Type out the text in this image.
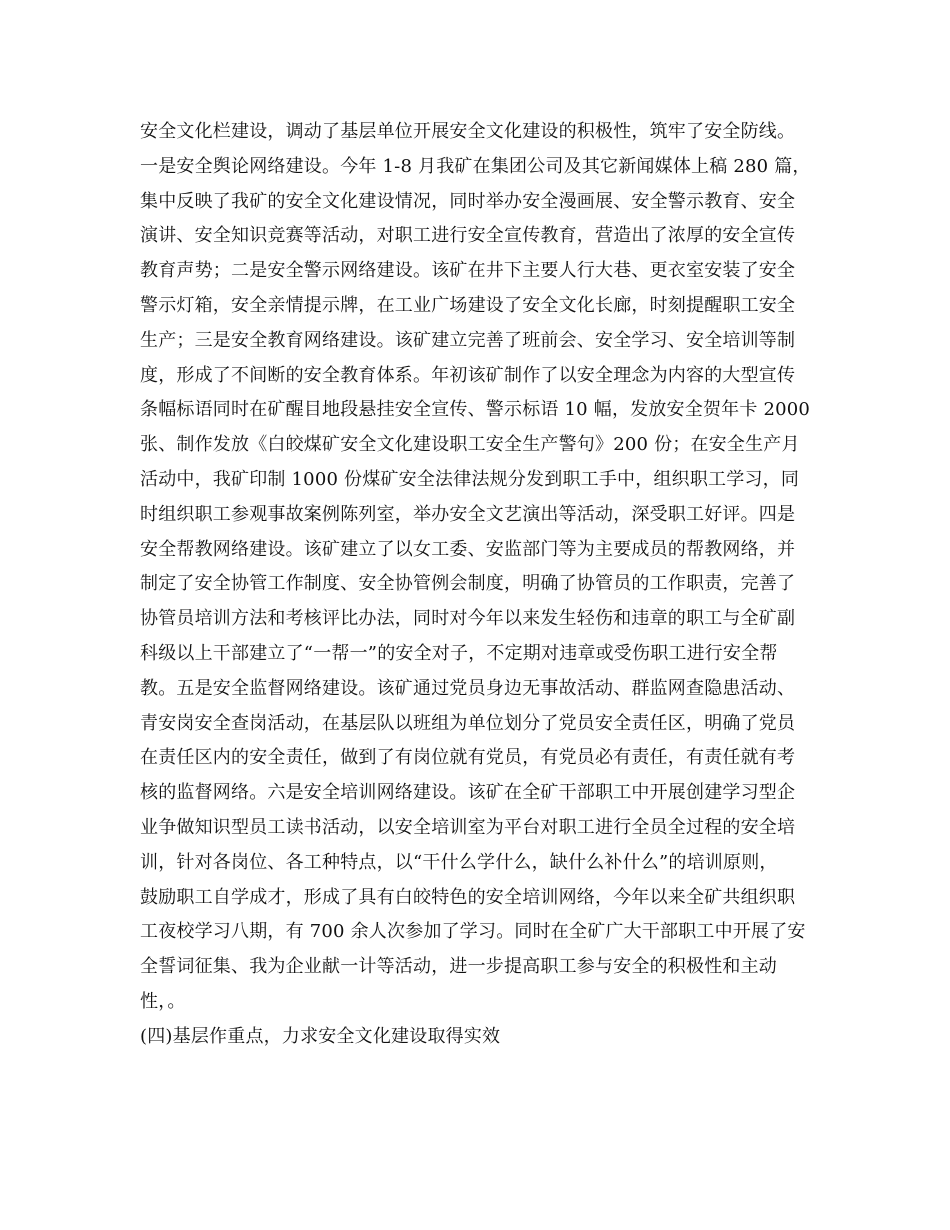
安全文化栏建设，调动了基层单位开展安全文化建设的积极性，筑牢了安全防线。
一是安全舆论网络建设。今年 1-8 月我矿在集团公司及其它新闻媒体上稿 280 篇，
集中反映了我矿的安全文化建设情况，同时举办安全漫画展、安全警示教育、安全
演讲、安全知识竞赛等活动，对职工进行安全宣传教育，营造出了浓厚的安全宣传
教育声势；二是安全警示网络建设。该矿在井下主要人行大巷、更衣室安装了安全
警示灯箱，安全亲情提示牌，在工业广场建设了安全文化长廊，时刻提醒职工安全
生产；三是安全教育网络建设。该矿建立完善了班前会、安全学习、安全培训等制
度，形成了不间断的安全教育体系。年初该矿制作了以安全理念为内容的大型宣传
条幅标语同时在矿醒目地段悬挂安全宣传、警示标语 10 幅，发放安全贺年卡 2000
张、制作发放《白皎煤矿安全文化建设职工安全生产警句》200 份；在安全生产月
活动中，我矿印制 1000 份煤矿安全法律法规分发到职工手中，组织职工学习，同
时组织职工参观事故案例陈列室，举办安全文艺演出等活动，深受职工好评。四是
安全帮教网络建设。该矿建立了以女工委、安监部门等为主要成员的帮教网络，并
制定了安全协管工作制度、安全协管例会制度，明确了协管员的工作职责，完善了
协管员培训方法和考核评比办法，同时对今年以来发生轻伤和违章的职工与全矿副
科级以上干部建立了“一帮一”的安全对子，不定期对违章或受伤职工进行安全帮
教。五是安全监督网络建设。该矿通过党员身边无事故活动、群监网查隐患活动、
青安岗安全查岗活动，在基层队以班组为单位划分了党员安全责任区，明确了党员
在责任区内的安全责任，做到了有岗位就有党员，有党员必有责任，有责任就有考
核的监督网络。六是安全培训网络建设。该矿在全矿干部职工中开展创建学习型企
业争做知识型员工读书活动，以安全培训室为平台对职工进行全员全过程的安全培
训，针对各岗位、各工种特点，以“干什么学什么，缺什么补什么”的培训原则，
鼓励职工自学成才，形成了具有白皎特色的安全培训网络，今年以来全矿共组织职
工夜校学习八期，有 700 余人次参加了学习。同时在全矿广大干部职工中开展了安
全誓词征集、我为企业献一计等活动，进一步提高职工参与安全的积极性和主动
性，。
(四)基层作重点，力求安全文化建设取得实效
